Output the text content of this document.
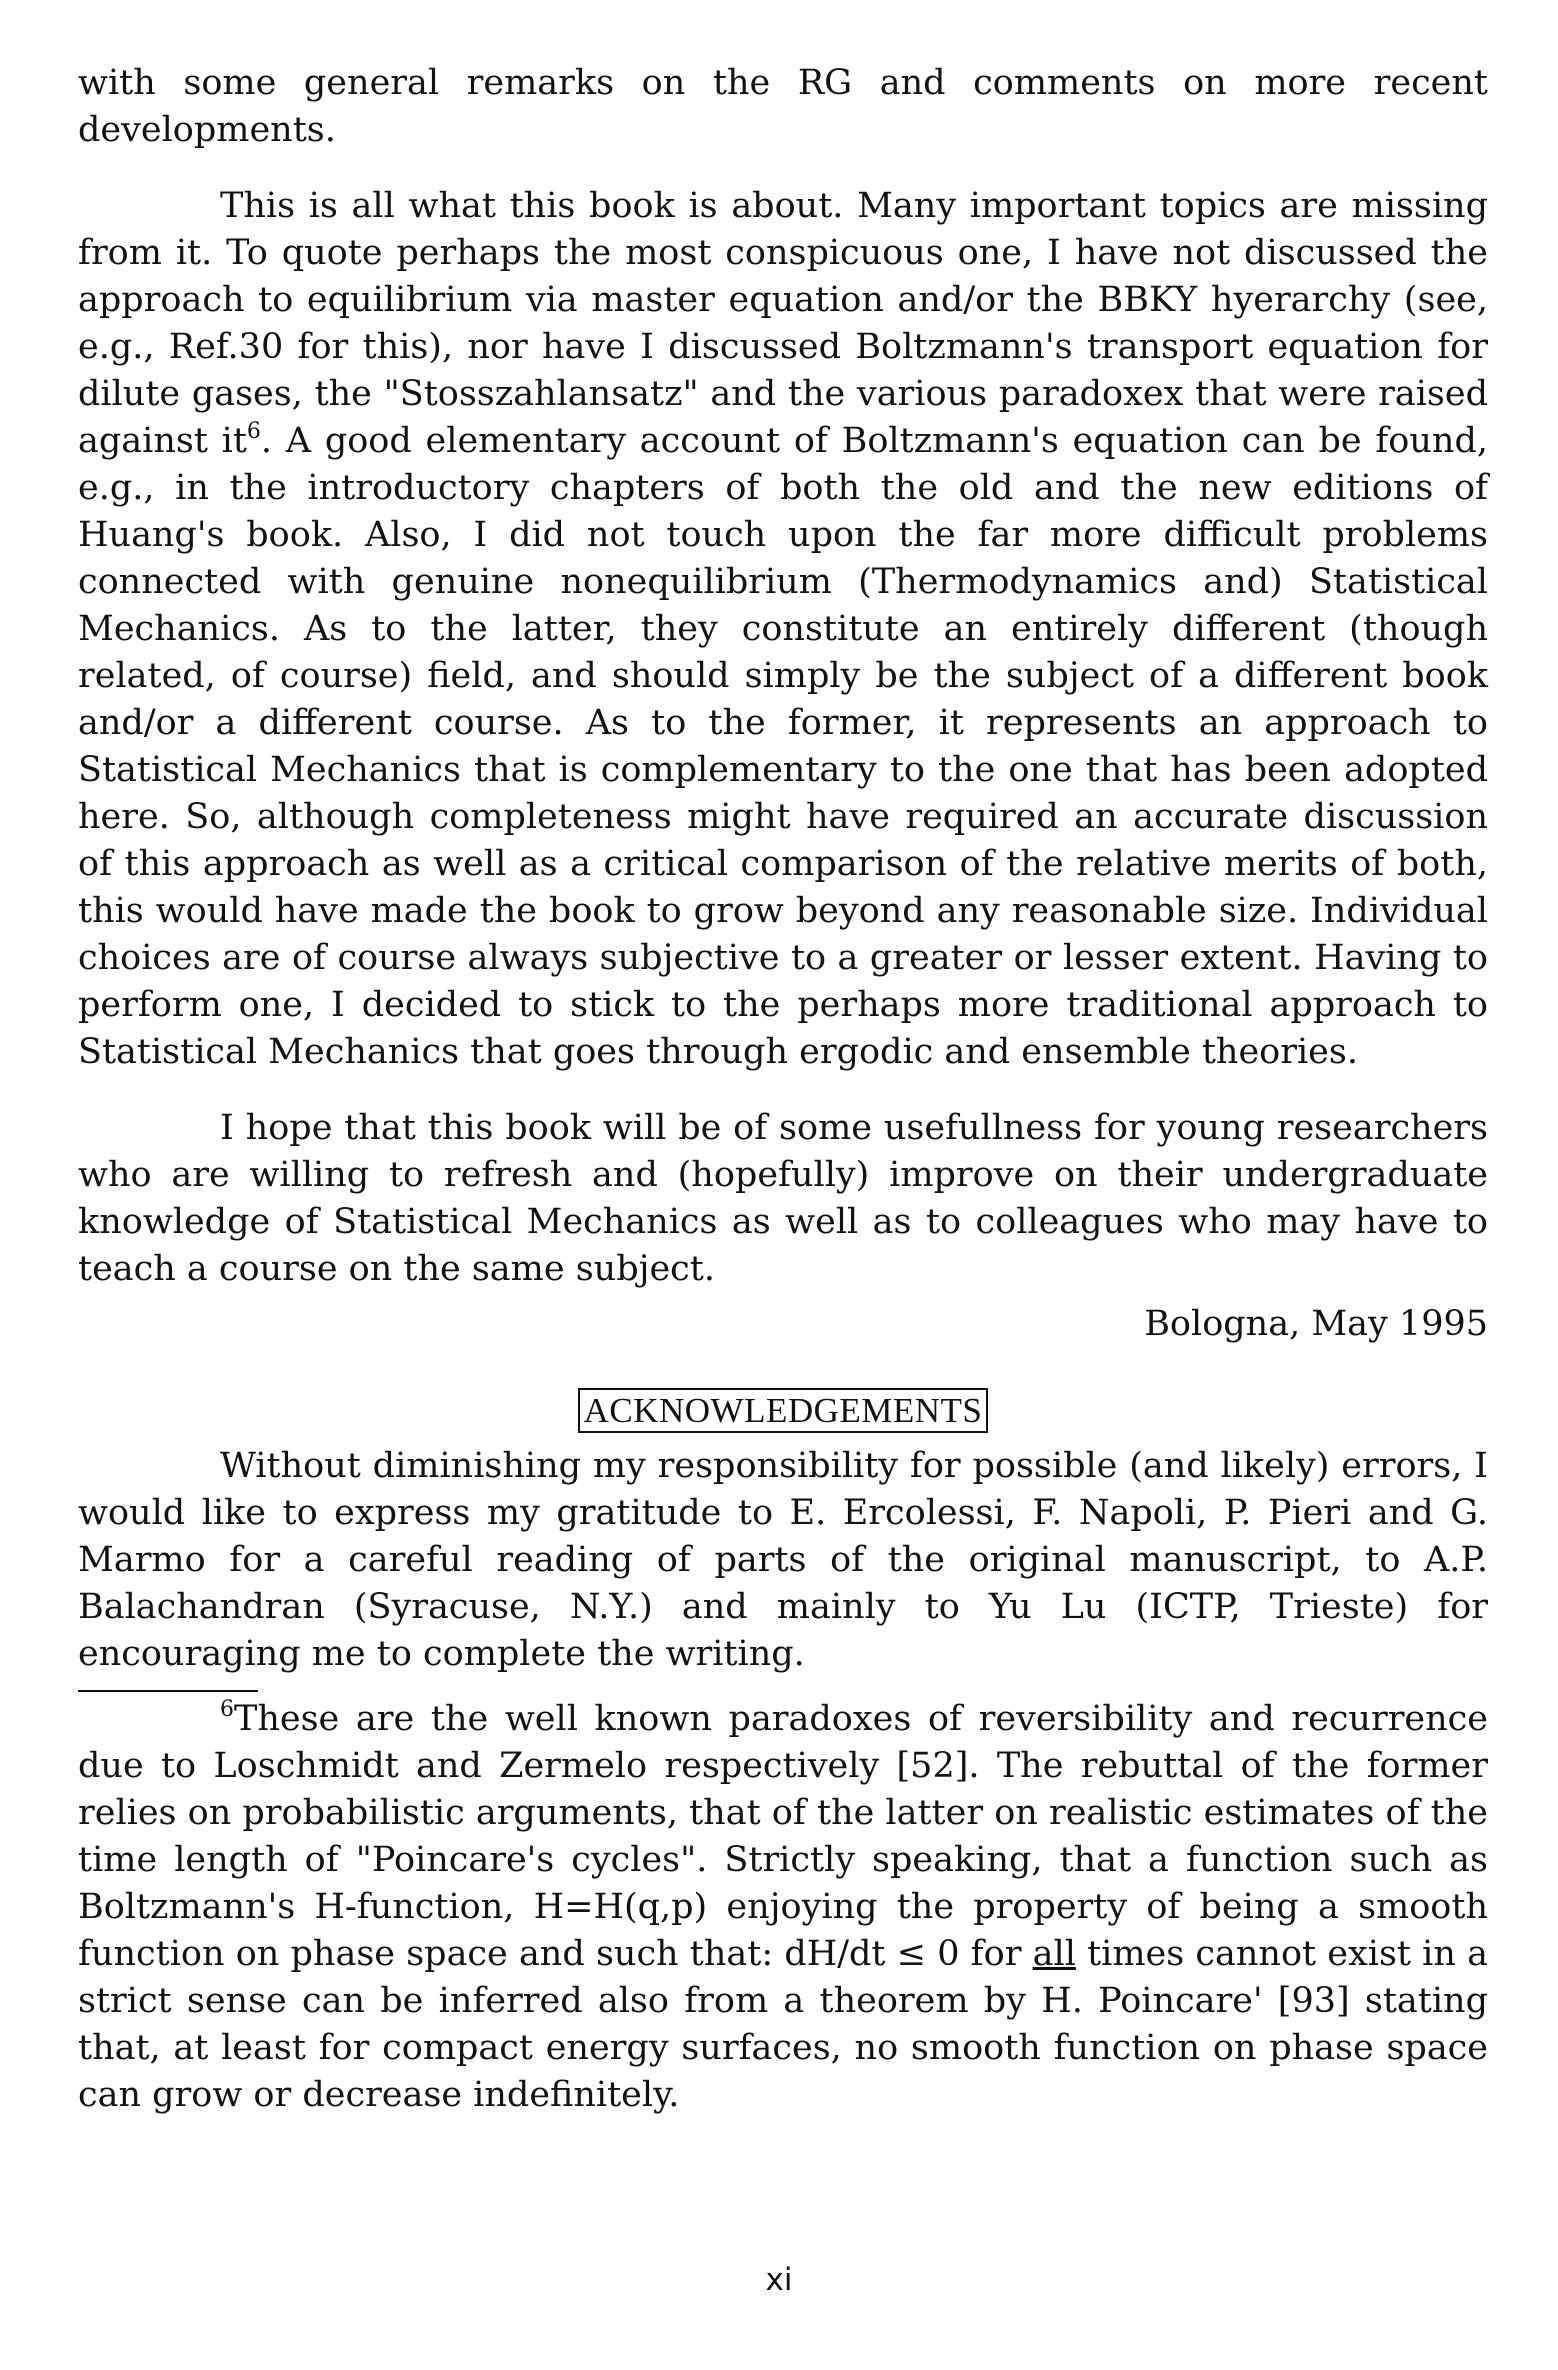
with some general remarks on the RG and comments on more recent developments.

This is all what this book is about. Many important topics are missing from it. To quote perhaps the most conspicuous one, I have not discussed the approach to equilibrium via master equation and/or the BBKY hyerarchy (see, e.g., Ref.30 for this), nor have I discussed Boltzmann's transport equation for dilute gases, the "Stosszahlansatz" and the various paradoxex that were raised against $it^6$. A good elementary account of Boltzmann's equation can be found, e.g., in the introductory chapters of both the old and the new editions of Huang's book. Also, I did not touch upon the far more difficult problems connected with genuine nonequilibrium (Thermodynamics and) Statistical Mechanics. As to the latter, they constitute an entirely different (though related, of course) field, and should simply be the subject of a different book and/or a different course. As to the former, it represents an approach to Statistical Mechanics that is complementary to the one that has been adopted here. So, although completeness might have required an accurate discussion of this approach as well as a critical comparison of the relative merits of both, this would have made the book to grow beyond any reasonable size. Individual choices are of course always subjective to a greater or lesser extent. Having to perform one, I decided to stick to the perhaps more traditional approach to Statistical Mechanics that goes through ergodic and ensemble theories.

I hope that this book will be of some usefullness for young researchers who are willing to refresh and (hopefully) improve on their undergraduate knowledge of Statistical Mechanics as well as to colleagues who may have to teach a course on the same subject.

Bologna, May 1995

ACKNOWLEDGEMENTS

Without diminishing my responsibility for possible (and likely) errors, I would like to express my gratitude to E. Ercolessi, F. Napoli, P. Pieri and G. Marmo for a careful reading of parts of the original manuscript, to A.P. Balachandran (Syracuse, N.Y.) and mainly to Yu Lu (ICTP, Trieste) for encouraging me to complete the writing.

$^6$These are the well known paradoxes of reversibility and recurrence due to Loschmidt and Zermelo respectively [52]. The rebuttal of the former relies on probabilistic arguments, that of the latter on realistic estimates of the time length of "Poincare's cycles". Strictly speaking, that a function such as Boltzmann's H-function, H=H(q,p) enjoying the property of being a smooth function on phase space and such that: dH/dt ≤ 0 for all times cannot exist in a strict sense can be inferred also from a theorem by H. Poincare' [93] stating that, at least for compact energy surfaces, no smooth function on phase space can grow or decrease indefinitely.

xi
